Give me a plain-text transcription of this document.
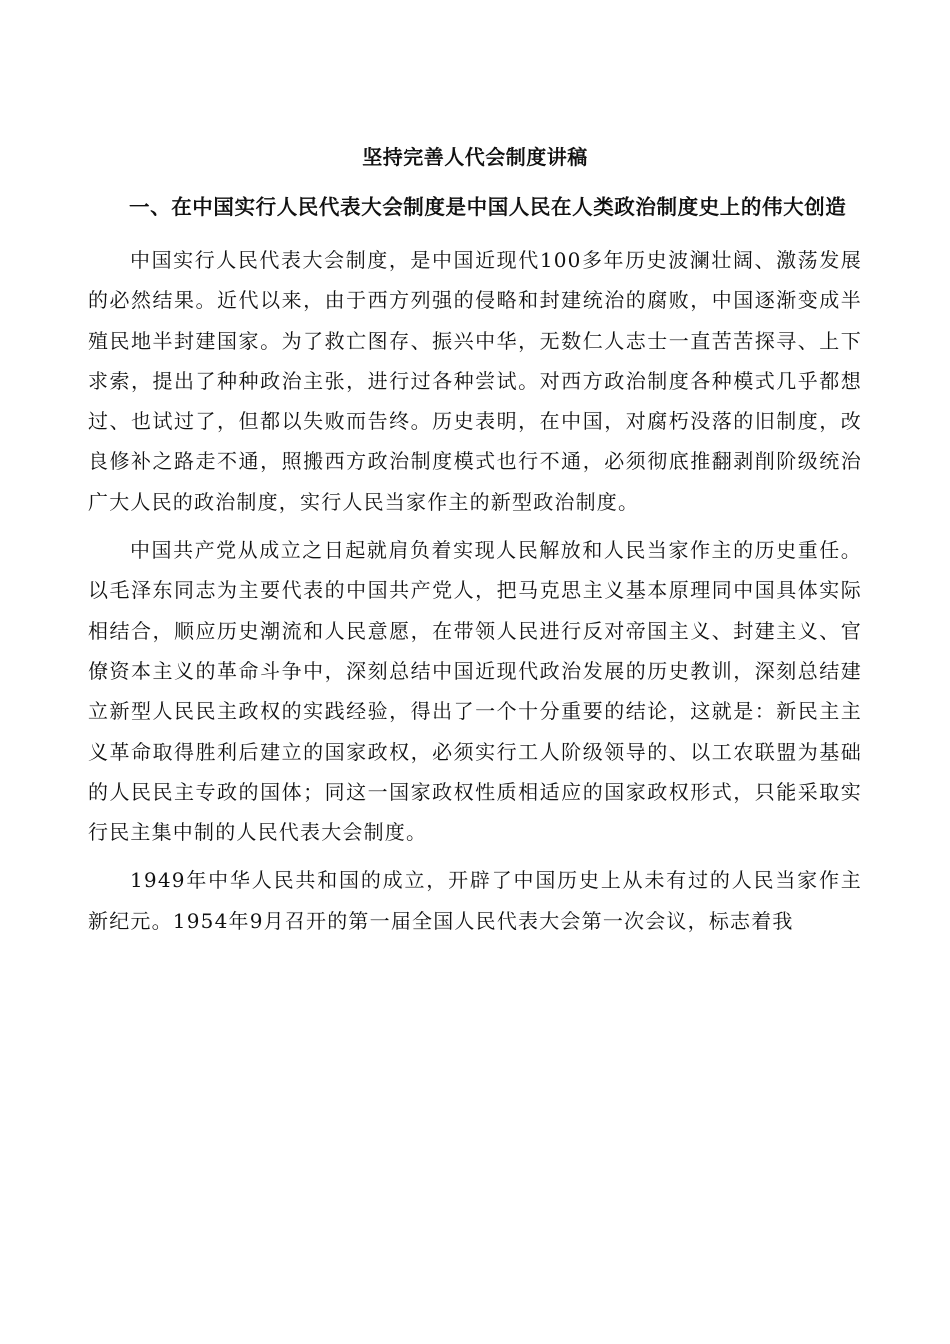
坚持完善人代会制度讲稿
一、在中国实行人民代表大会制度是中国人民在人类政治制度史上的伟大创造

中国实行人民代表大会制度，是中国近现代100多年历史波澜壮阔、激荡发展的必然结果。近代以来，由于西方列强的侵略和封建统治的腐败，中国逐渐变成半殖民地半封建国家。为了救亡图存、振兴中华，无数仁人志士一直苦苦探寻、上下求索，提出了种种政治主张，进行过各种尝试。对西方政治制度各种模式几乎都想过、也试过了，但都以失败而告终。历史表明，在中国，对腐朽没落的旧制度，改良修补之路走不通，照搬西方政治制度模式也行不通，必须彻底推翻剥削阶级统治广大人民的政治制度，实行人民当家作主的新型政治制度。

中国共产党从成立之日起就肩负着实现人民解放和人民当家作主的历史重任。以毛泽东同志为主要代表的中国共产党人，把马克思主义基本原理同中国具体实际相结合，顺应历史潮流和人民意愿，在带领人民进行反对帝国主义、封建主义、官僚资本主义的革命斗争中，深刻总结中国近现代政治发展的历史教训，深刻总结建立新型人民民主政权的实践经验，得出了一个十分重要的结论，这就是：新民主主义革命取得胜利后建立的国家政权，必须实行工人阶级领导的、以工农联盟为基础的人民民主专政的国体；同这一国家政权性质相适应的国家政权形式，只能采取实行民主集中制的人民代表大会制度。

1949年中华人民共和国的成立，开辟了中国历史上从未有过的人民当家作主新纪元。1954年9月召开的第一届全国人民代表大会第一次会议，标志着我
